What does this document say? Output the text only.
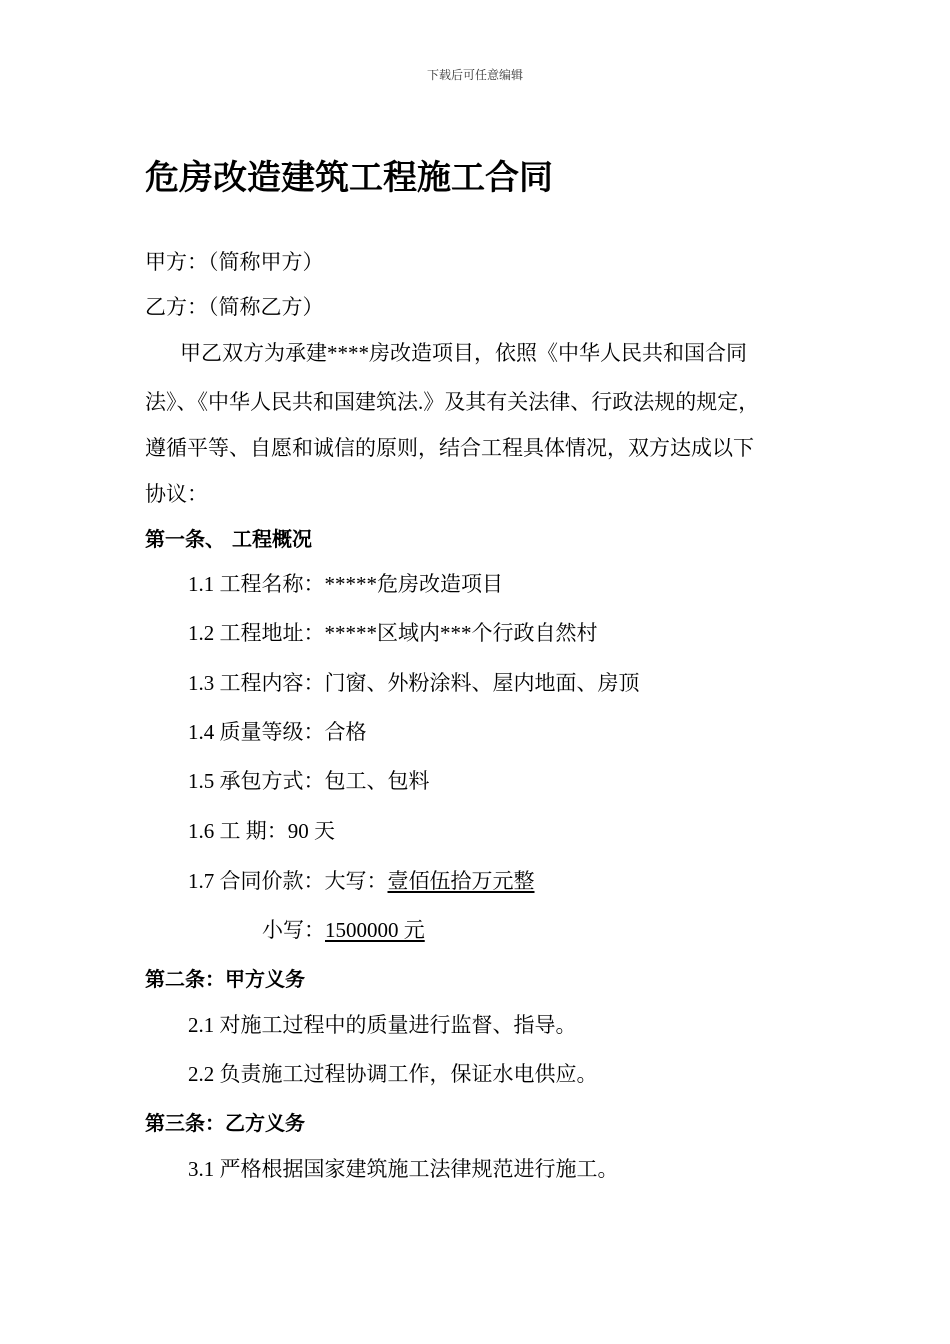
下载后可任意编辑
危房改造建筑工程施工合同
甲方：（简称甲方）
乙方：（简称乙方）
甲乙双方为承建****房改造项目，依照《中华人民共和国合同
法》、《中华人民共和国建筑法.》及其有关法律、行政法规的规定，
遵循平等、自愿和诚信的原则，结合工程具体情况，双方达成以下
协议：
第一条、 工程概况
1.1 工程名称：*****危房改造项目
1.2 工程地址：*****区域内***个行政自然村
1.3 工程内容：门窗、外粉涂料、屋内地面、房顶
1.4 质量等级：合格
1.5 承包方式：包工、包料
1.6 工 期：90 天
1.7 合同价款：大写：壹佰伍拾万元整
小写：1500000 元
第二条：甲方义务
2.1 对施工过程中的质量进行监督、指导。
2.2 负责施工过程协调工作，保证水电供应。
第三条：乙方义务
3.1 严格根据国家建筑施工法律规范进行施工。
